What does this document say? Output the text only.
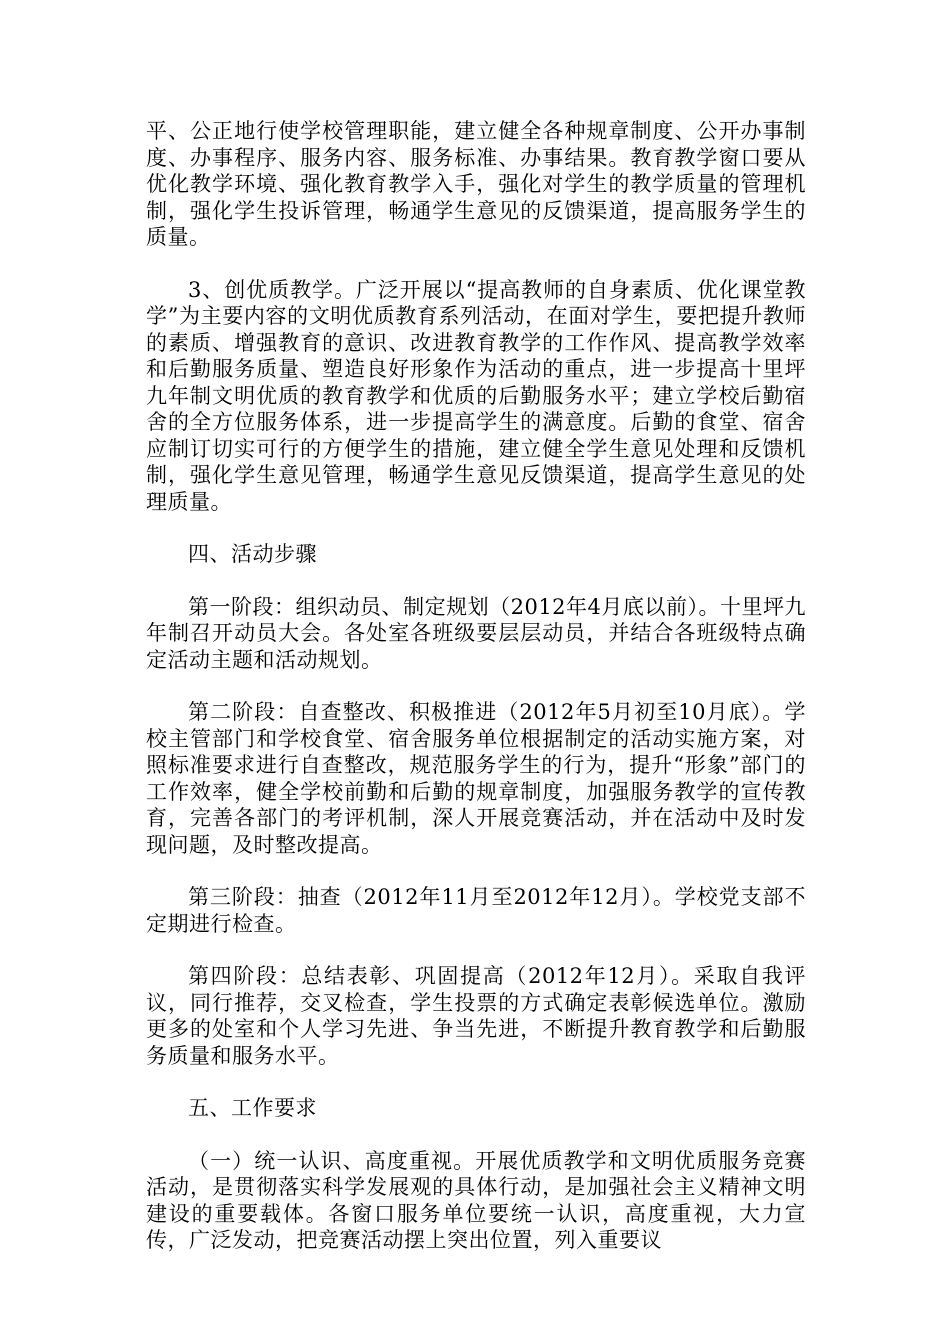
平、公正地行使学校管理职能，建立健全各种规章制度、公开办事制度、办事程序、服务内容、服务标准、办事结果。教育教学窗口要从优化教学环境、强化教育教学入手，强化对学生的教学质量的管理机制，强化学生投诉管理，畅通学生意见的反馈渠道，提高服务学生的质量。

3、创优质教学。广泛开展以“提高教师的自身素质、优化课堂教学”为主要内容的文明优质教育系列活动，在面对学生，要把提升教师的素质、增强教育的意识、改进教育教学的工作作风、提高教学效率和后勤服务质量、塑造良好形象作为活动的重点，进一步提高十里坪九年制文明优质的教育教学和优质的后勤服务水平；建立学校后勤宿舍的全方位服务体系，进一步提高学生的满意度。后勤的食堂、宿舍应制订切实可行的方便学生的措施，建立健全学生意见处理和反馈机制，强化学生意见管理，畅通学生意见反馈渠道，提高学生意见的处理质量。

四、活动步骤

第一阶段：组织动员、制定规划（2012年4月底以前）。十里坪九年制召开动员大会。各处室各班级要层层动员，并结合各班级特点确定活动主题和活动规划。

第二阶段：自查整改、积极推进（2012年5月初至10月底）。学校主管部门和学校食堂、宿舍服务单位根据制定的活动实施方案，对照标准要求进行自查整改，规范服务学生的行为，提升“形象”部门的工作效率，健全学校前勤和后勤的规章制度，加强服务教学的宣传教育，完善各部门的考评机制，深人开展竞赛活动，并在活动中及时发现问题，及时整改提高。

第三阶段：抽查（2012年11月至2012年12月）。学校党支部不定期进行检查。

第四阶段：总结表彰、巩固提高（2012年12月）。采取自我评议，同行推荐，交叉检查，学生投票的方式确定表彰候选单位。激励更多的处室和个人学习先进、争当先进，不断提升教育教学和后勤服务质量和服务水平。

五、工作要求

（一）统一认识、高度重视。开展优质教学和文明优质服务竞赛活动，是贯彻落实科学发展观的具体行动，是加强社会主义精神文明建设的重要载体。各窗口服务单位要统一认识，高度重视，大力宣传，广泛发动，把竞赛活动摆上突出位置，列入重要议
